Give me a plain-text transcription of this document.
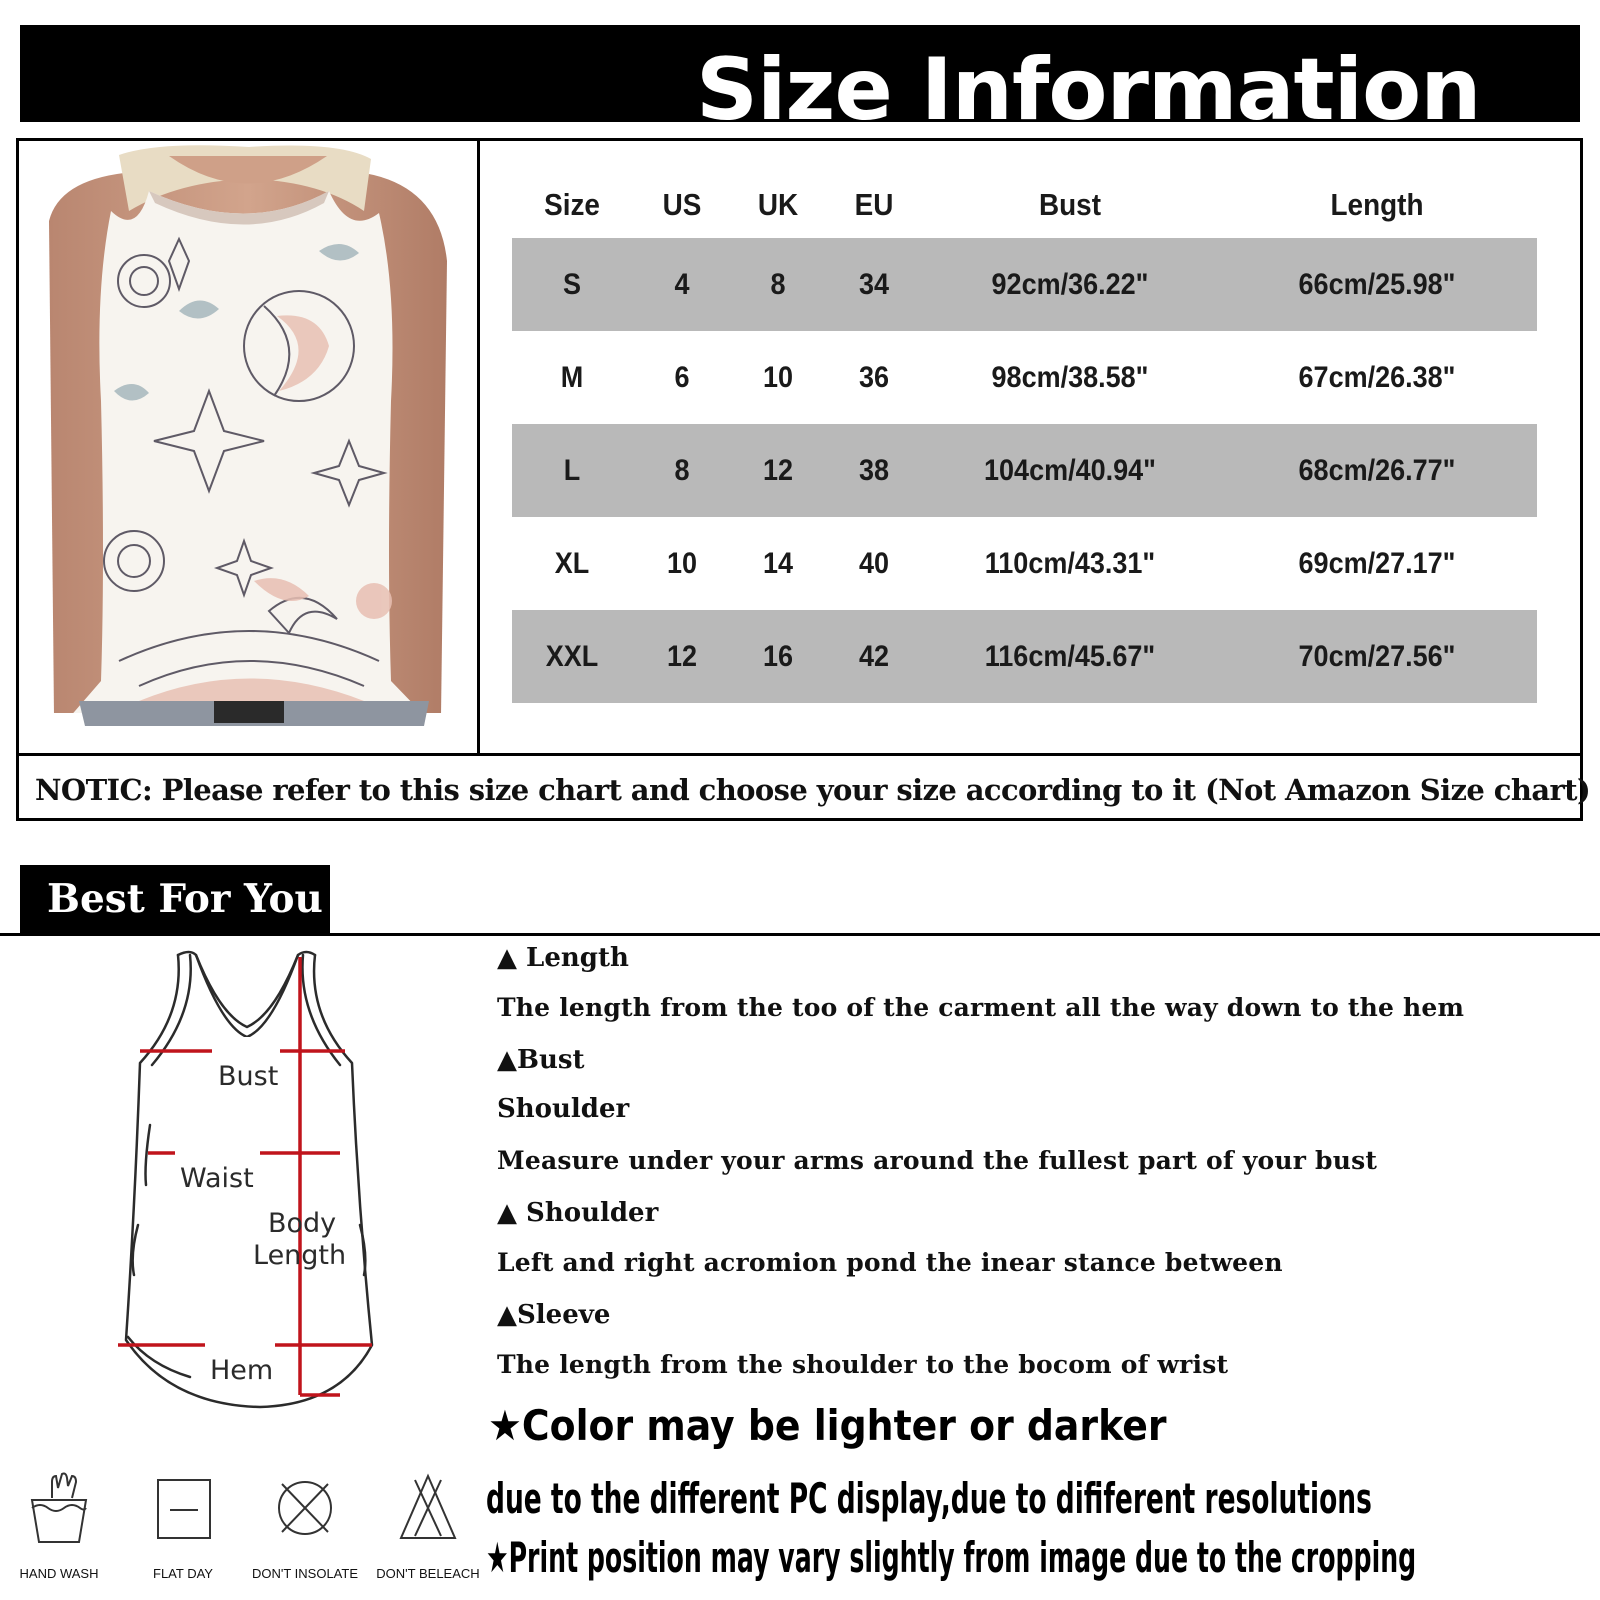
Size Information
NOTIC: Please refer to this size chart and choose your size according to it (Not Amazon Size chart)
Size	US	UK	EU	Bust	Length
S	4	8	34	92cm/36.22"	66cm/25.98"
M	6	10	36	98cm/38.58"	67cm/26.38"
L	8	12	38	104cm/40.94"	68cm/26.77"
XL	10	14	40	110cm/43.31"	69cm/27.17"
XXL	12	16	42	116cm/45.67"	70cm/27.56"
Best For You
Bust
Waist
Body
Length
Hem
▲ Length
The length from the too of the carment all the way down to the hem
▲Bust
Shoulder
Measure under your arms around the fullest part of your bust
▲ Shoulder
Left and right acromion pond the inear stance between
▲Sleeve
The length from the shoulder to the bocom of wrist
★Color may be lighter or darker
due to the different PC display,due to dififerent resolutions
★Print position may vary slightly from image due to the cropping
HAND WASH	FLAT DAY	DON'T INSOLATE DON'T BELEACH
